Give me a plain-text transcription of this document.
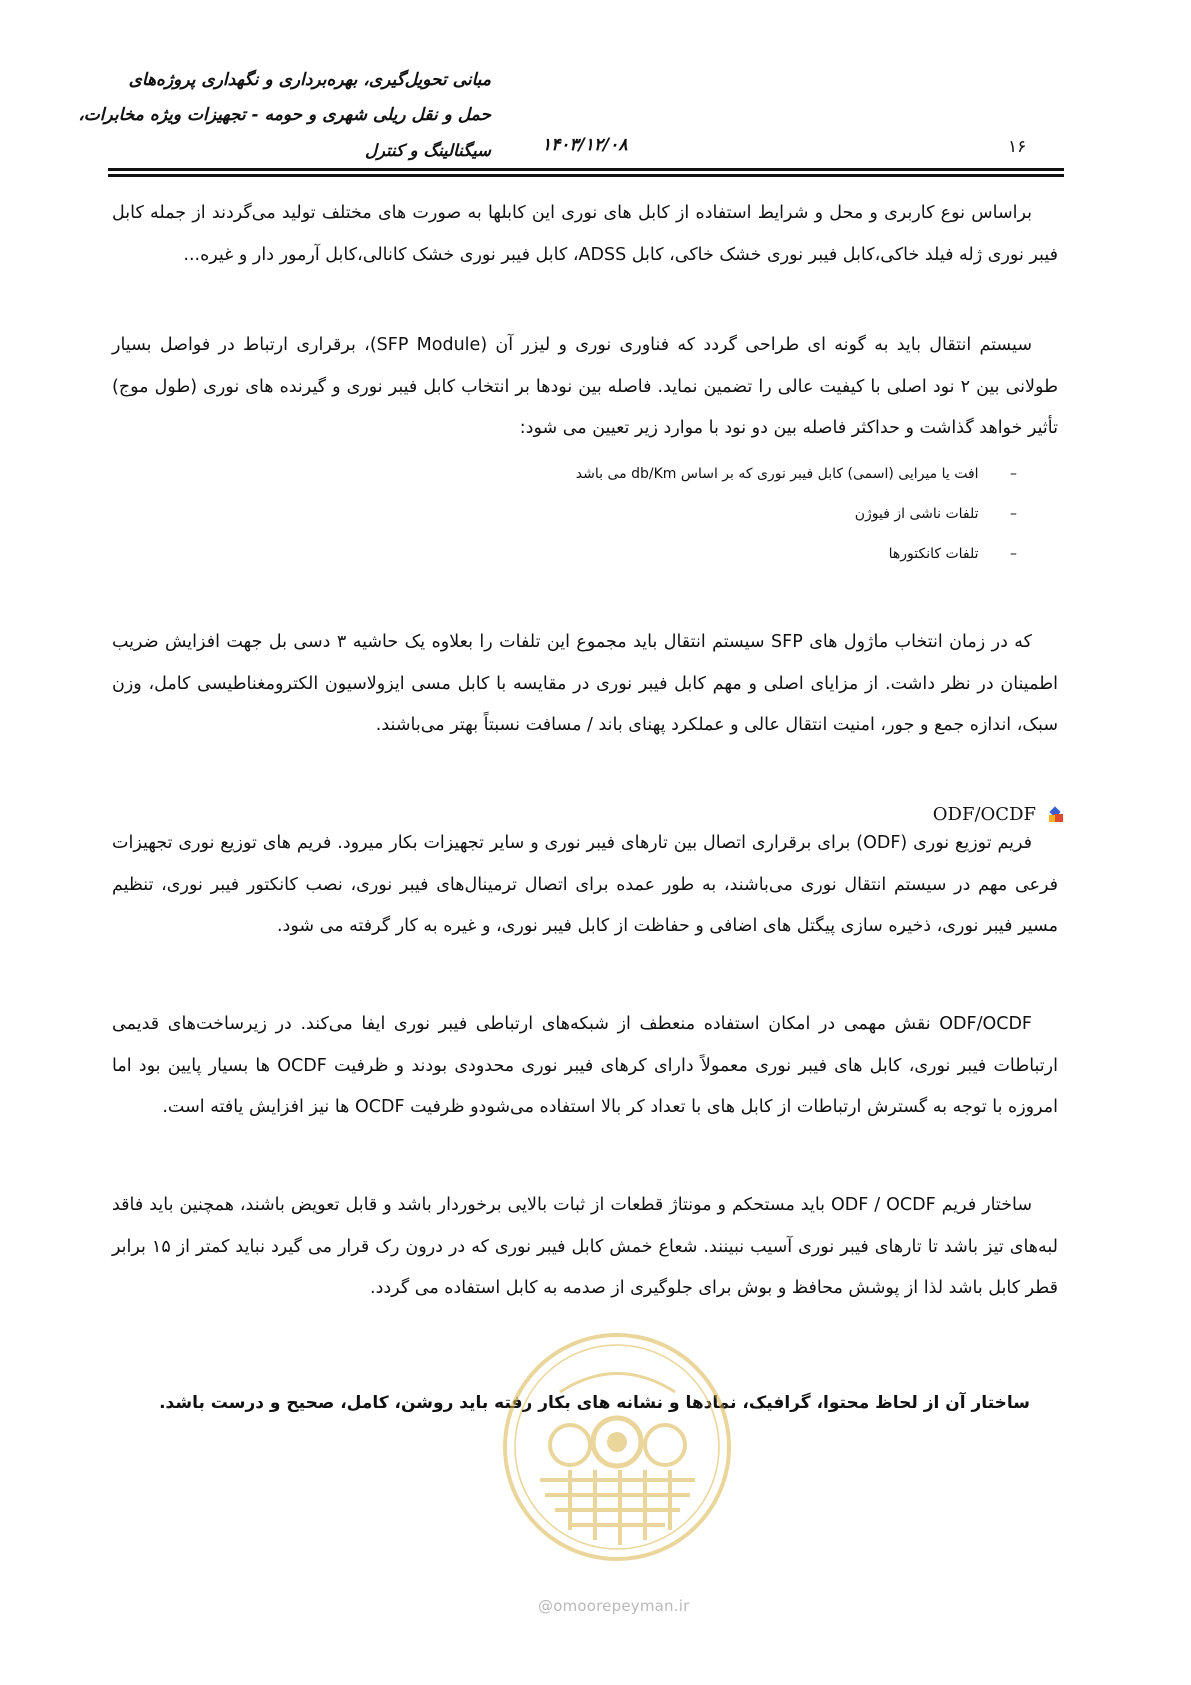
مبانی تحویل‌گیری، بهره‌برداری و نگهداری پروژه‌های
حمل و نقل ریلی شهری و حومه - تجهیزات ویژه مخابرات،
سیگنالینگ و کنترل	۱۴۰۳/۱۲/۰۸	۱۶

براساس نوع کاربری و محل و شرایط استفاده از کابل های نوری این کابلها به صورت های مختلف تولید می‌گردند از جمله کابل فیبر نوری ژله فیلد خاکی،کابل فیبر نوری خشک خاکی، کابل ADSS، کابل فیبر نوری خشک کانالی،کابل آرمور دار و غیره...

سیستم انتقال باید به گونه ای طراحی گردد که فناوری نوری و لیزر آن (SFP Module)، برقراری ارتباط در فواصل بسیار طولانی بین ۲ نود اصلی با کیفیت عالی را تضمین نماید. فاصله بین نودها بر انتخاب کابل فیبر نوری و گیرنده های نوری (طول موج) تأثیر خواهد گذاشت و حداکثر فاصله بین دو نود با موارد زیر تعیین می شود:

– افت یا میرایی (اسمی) کابل فیبر نوری که بر اساس db/Km می باشد
– تلفات ناشی از فیوژن
– تلفات کانکتورها

که در زمان انتخاب ماژول های SFP سیستم انتقال باید مجموع این تلفات را بعلاوه یک حاشیه ۳ دسی بل جهت افزایش ضریب اطمینان در نظر داشت. از مزایای اصلی و مهم کابل فیبر نوری در مقایسه با کابل مسی ایزولاسیون الکترومغناطیسی کامل، وزن سبک، اندازه جمع و جور، امنیت انتقال عالی و عملکرد پهنای باند / مسافت نسبتاً بهتر می‌باشند.

ODF/OCDF

فریم توزیع نوری (ODF) برای برقراری اتصال بین تارهای فیبر نوری و سایر تجهیزات بکار میرود. فریم های توزیع نوری تجهیزات فرعی مهم در سیستم انتقال نوری می‌باشند، به طور عمده برای اتصال ترمینال‌های فیبر نوری، نصب کانکتور فیبر نوری، تنظیم مسیر فیبر نوری، ذخیره سازی پیگتل های اضافی و حفاظت از کابل فیبر نوری، و غیره به کار گرفته می شود.

ODF/OCDF نقش مهمی در امکان استفاده منعطف از شبکه‌های ارتباطی فیبر نوری ایفا می‌کند. در زیرساخت‌های قدیمی ارتباطات فیبر نوری، کابل های فیبر نوری معمولاً دارای کرهای فیبر نوری محدودی بودند و ظرفیت OCDF ها بسیار پایین بود اما امروزه با توجه به گسترش ارتباطات از کابل های با تعداد کر بالا استفاده می‌شودو ظرفیت OCDF ها نیز افزایش یافته است.

ساختار فریم ODF / OCDF باید مستحکم و مونتاژ قطعات از ثبات بالایی برخوردار باشد و قابل تعویض باشند، همچنین باید فاقد لبه‌های تیز باشد تا تارهای فیبر نوری آسیب نبینند. شعاع خمش کابل فیبر نوری که در درون رک قرار می گیرد نباید کمتر از ۱۵ برابر قطر کابل باشد لذا از پوشش محافظ و بوش برای جلوگیری از صدمه به کابل استفاده می گردد.

ساختار آن از لحاظ محتوا، گرافیک، نمادها و نشانه های بکار رفته باید روشن، کامل، صحیح و درست باشد.
@omoorepeyman.ir
